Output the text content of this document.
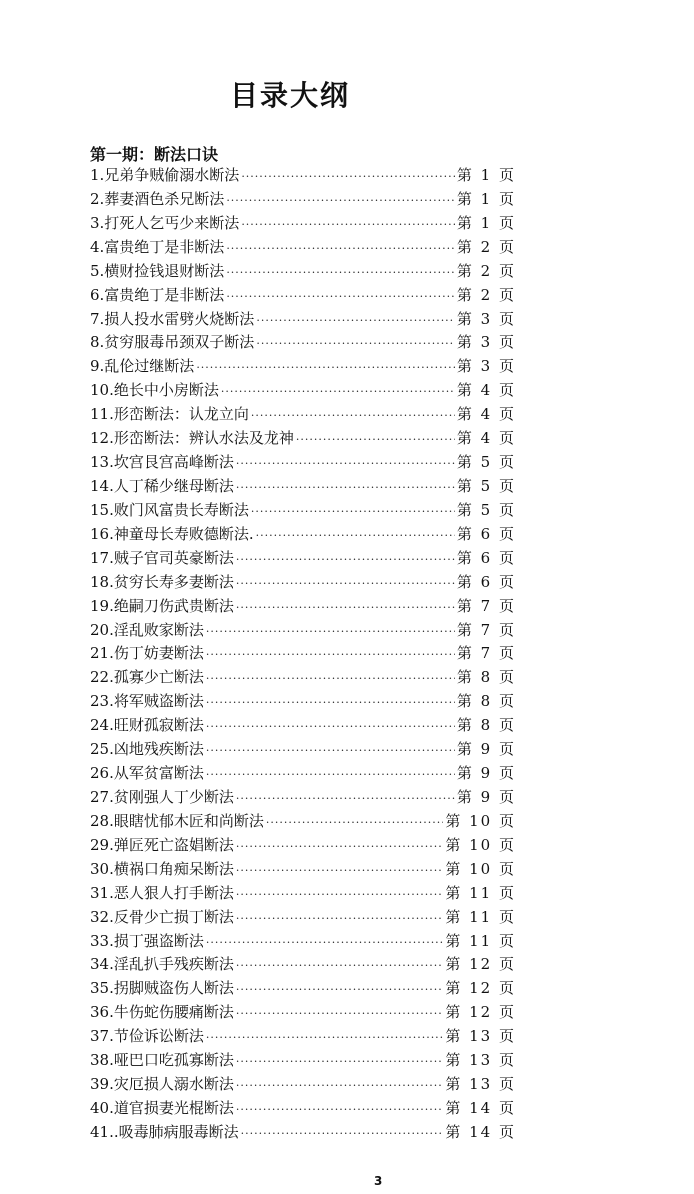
目录大纲
第一期：断法口诀
1.兄弟争贼偷溺水断法 ·····	第 1 页
2.葬妻酒色杀兄断法 ·····	第 1 页
3.打死人乞丐少来断法 ·····	第 1 页
4.富贵绝丁是非断法 ·····	第 2 页
5.横财捡钱退财断法 ·····	第 2 页
6.富贵绝丁是非断法 ·····	第 2 页
7.损人投水雷劈火烧断法 ·····	第 3 页
8.贫穷服毒吊颈双子断法 ·····	第 3 页
9.乱伦过继断法 ·····	第 3 页
10.绝长中小房断法 ·····	第 4 页
11.形峦断法：认龙立向 ·····	第 4 页
12.形峦断法：辨认水法及龙神 ·····	第 4 页
13.坎宫艮宫高峰断法 ·····	第 5 页
14.人丁稀少继母断法 ·····	第 5 页
15.败门风富贵长寿断法 ·····	第 5 页
16.神童母长寿败德断法. ·····	第 6 页
17.贼子官司英豪断法 ·····	第 6 页
18.贫穷长寿多妻断法 ·····	第 6 页
19.绝嗣刀伤武贵断法 ·····	第 7 页
20.淫乱败家断法 ·····	第 7 页
21.伤丁妨妻断法 ·····	第 7 页
22.孤寡少亡断法 ·····	第 8 页
23.将军贼盗断法 ·····	第 8 页
24.旺财孤寂断法 ·····	第 8 页
25.凶地残疾断法 ·····	第 9 页
26.从军贫富断法 ·····	第 9 页
27.贫刚强人丁少断法 ·····	第 9 页
28.眼瞎忧郁木匠和尚断法 ·····	第 10 页
29.弹匠死亡盗娼断法 ·····	第 10 页
30.横祸口角痴呆断法 ·····	第 10 页
31.恶人狠人打手断法 ·····	第 11 页
32.反骨少亡损丁断法 ·····	第 11 页
33.损丁强盗断法 ·····	第 11 页
34.淫乱扒手残疾断法 ·····	第 12 页
35.拐脚贼盗伤人断法 ·····	第 12 页
36.牛伤蛇伤腰痛断法 ·····	第 12 页
37.节俭诉讼断法 ·····	第 13 页
38.哑巴口吃孤寡断法 ·····	第 13 页
39.灾厄损人溺水断法 ·····	第 13 页
40.道官损妻光棍断法 ·····	第 14 页
41..吸毒肺病服毒断法 ·····	第 14 页
3
